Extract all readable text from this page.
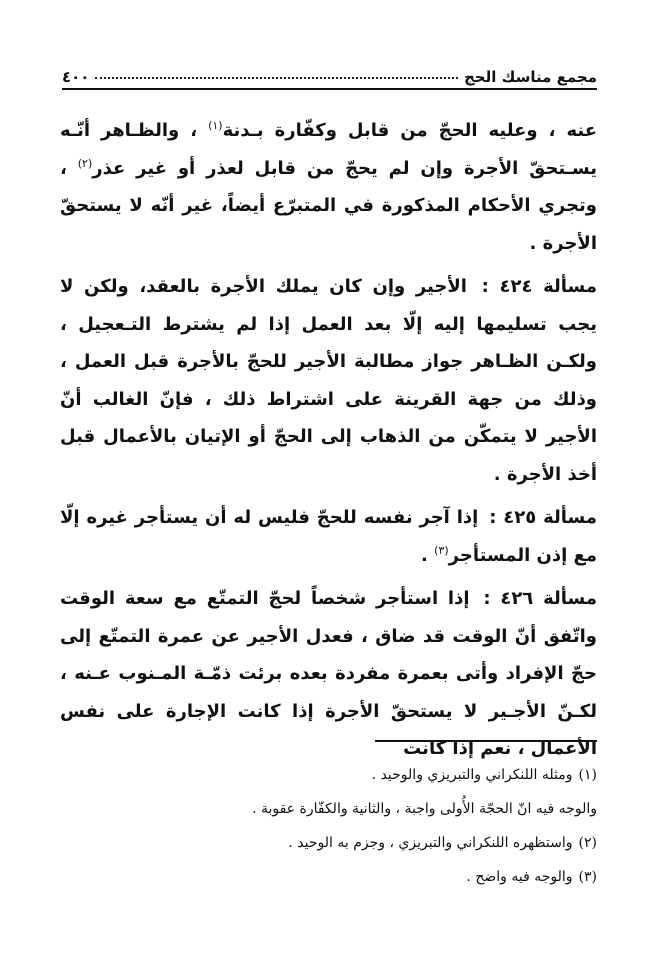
مجمع مناسك الحج
٤٠٠

عنه ، وعليه الحجّ من قابل وكفّارة بـدنة$^{(١)}$ ، والظـاهر أنّـه يسـتحقّ الأجرة وإن لم يحجّ من قابل لعذر أو غير عذر$^{(٢)}$ ، وتجري الأحكام المذكورة في المتبرّع أيضاً، غير أنّه لا يستحقّ الأجرة .

مسألة ٤٢٤ : الأجير وإن كان يملك الأجرة بالعقد، ولكن لا يجب تسليمها إليه إلّا بعد العمل إذا لم يشترط التـعجيل ، ولكـن الظـاهر جواز مطالبة الأجير للحجّ بالأجرة قبل العمل ، وذلك من جهة القرينة على اشتراط ذلك ، فإنّ الغالب أنّ الأجير لا يتمكّن من الذهاب إلى الحجّ أو الإتيان بالأعمال قبل أخذ الأجرة .

مسألة ٤٢٥ : إذا آجر نفسه للحجّ فليس له أن يستأجر غيره إلّا مع إذن المستأجر$^{(٣)}$ .

مسألة ٤٢٦ : إذا استأجر شخصاً لحجّ التمتّع مع سعة الوقت واتّفق أنّ الوقت قد ضاق ، فعدل الأجير عن عمرة التمتّع إلى حجّ الإفراد وأتى بعمرة مفردة بعده برئت ذمّـة المـنوب عـنه ، لكـنّ الأجـير لا يستحقّ الأجرة إذا كانت الإجارة على نفس الأعمال ، نعم إذا كانت

(١)ومثله اللنكراني والتبريزي والوحيد .
والوجه فيه انّ الحجّة الأُولى واجبة ، والثانية والكفّارة عقوبة .
(٢)واستظهره اللنكراني والتبريزي ، وجزم به الوحيد .
(٣)والوجه فيه واضح .
